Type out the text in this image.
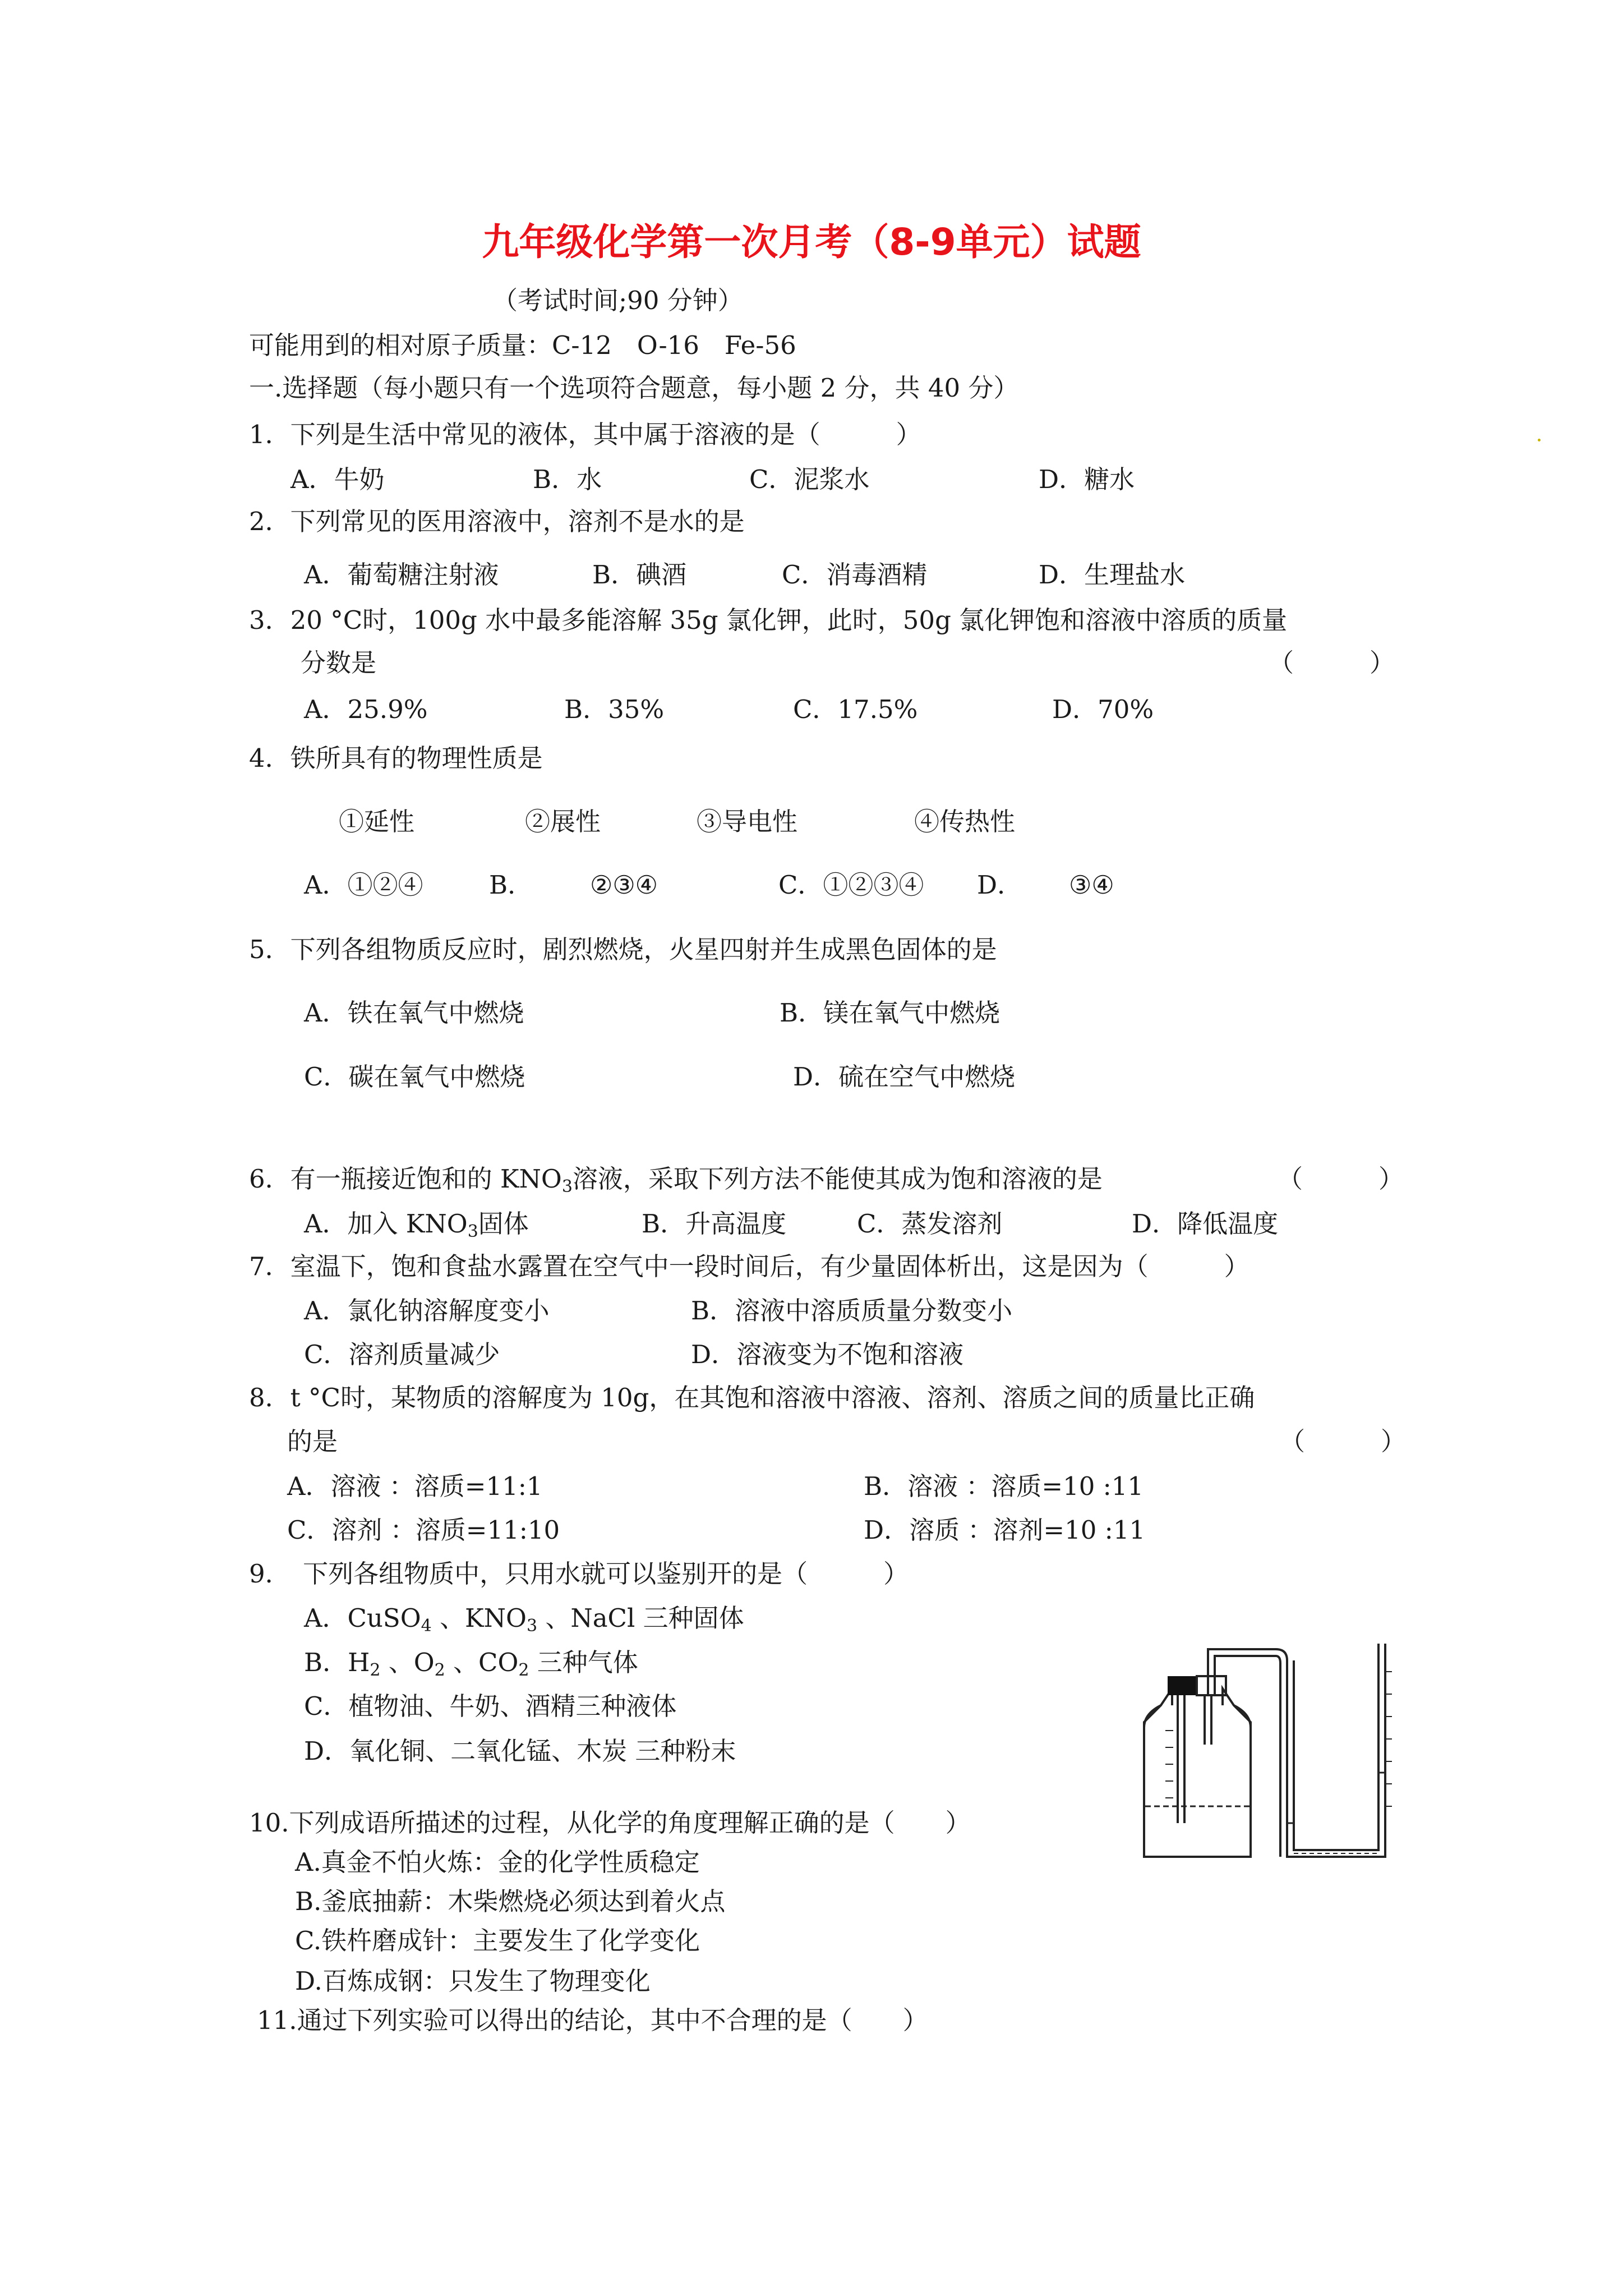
九年级化学第一次月考（8-9单元）试题
（考试时间;90 分钟）
可能用到的相对原子质量：C-12　O-16　Fe-56
一.选择题（每小题只有一个选项符合题意，每小题 2 分，共 40 分）
1．下列是生活中常见的液体，其中属于溶液的是（　　　）
A．牛奶	B．水	C．泥浆水	D．糖水
2．下列常见的医用溶液中，溶剂不是水的是
A．葡萄糖注射液	B．碘酒	C．消毒酒精	D．生理盐水
3．20 °C时，100g 水中最多能溶解 35g 氯化钾，此时，50g 氯化钾饱和溶液中溶质的质量
分数是	（　　　）
A．25.9%	B．35%	C．17.5%	D．70%
4．铁所具有的物理性质是
①延性	②展性	③导电性	④传热性
A．①②④	B． ②③④	C．①②③④ D． ③④
5．下列各组物质反应时，剧烈燃烧，火星四射并生成黑色固体的是
A．铁在氧气中燃烧	B．镁在氧气中燃烧
C．碳在氧气中燃烧	D．硫在空气中燃烧
6．有一瓶接近饱和的 $KNO_3$溶液，采取下列方法不能使其成为饱和溶液的是	（　　　）
A．加入 $KNO_3$固体	B．升高温度	C．蒸发溶剂	D．降低温度
7．室温下，饱和食盐水露置在空气中一段时间后，有少量固体析出，这是因为（　　　）
A．氯化钠溶解度变小	B．溶液中溶质质量分数变小
C．溶剂质量减少	D．溶液变为不饱和溶液
8．t °C时，某物质的溶解度为 10g，在其饱和溶液中溶液、溶剂、溶质之间的质量比正确
的是	（　　　）
A．溶液 ：溶质=11:1	B．溶液 ：溶质=10 :11
C．溶剂 ：溶质=11:10	D．溶质 ：溶剂=10 :11
9．　下列各组物质中，只用水就可以鉴别开的是（　　　）
A．CuSO$_4$ 、$KNO_3$ 、NaCl 三种固体
B．$H_2$ 、$O_2$ 、$CO_2$ 三种气体
C．植物油、牛奶、酒精三种液体
D．氧化铜、二氧化锰、木炭 三种粉末
10.下列成语所描述的过程，从化学的角度理解正确的是（　　）
A.真金不怕火炼：金的化学性质稳定
B.釜底抽薪：木柴燃烧必须达到着火点
C.铁杵磨成针：主要发生了化学变化
D.百炼成钢：只发生了物理变化
11.通过下列实验可以得出的结论，其中不合理的是（　　）
